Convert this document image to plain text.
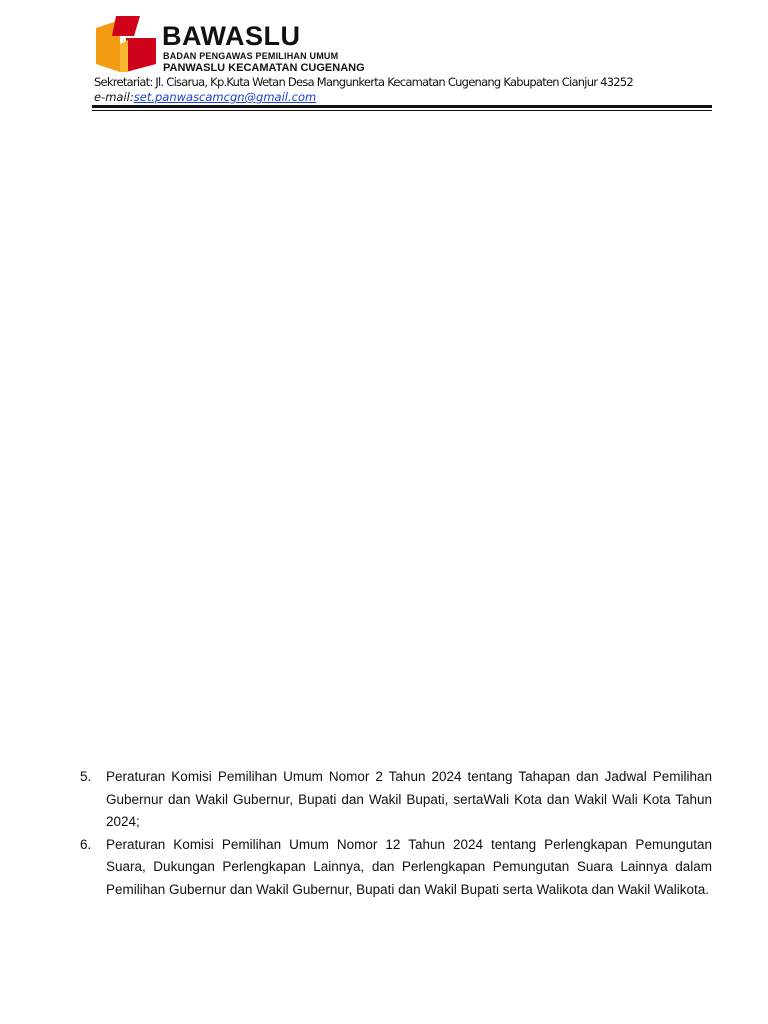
BAWASLU
BADAN PENGAWAS PEMILIHAN UMUM
PANWASLU KECAMATAN CUGENANG
Sekretariat: Jl. Cisarua, Kp.Kuta Wetan Desa Mangunkerta Kecamatan Cugenang Kabupaten Cianjur 43252
e-mail:set.panwascamcgn@gmail.com
5.	Peraturan Komisi Pemilihan Umum Nomor 2 Tahun 2024 tentang Tahapan dan Jadwal Pemilihan Gubernur dan Wakil Gubernur, Bupati dan Wakil Bupati, sertaWali Kota dan Wakil Wali Kota Tahun 2024;
6.	Peraturan Komisi Pemilihan Umum Nomor 12 Tahun 2024 tentang Perlengkapan Pemungutan Suara, Dukungan Perlengkapan Lainnya, dan Perlengkapan Pemungutan Suara Lainnya dalam Pemilihan Gubernur dan Wakil Gubernur, Bupati dan Wakil Bupati serta Walikota dan Wakil Walikota.
